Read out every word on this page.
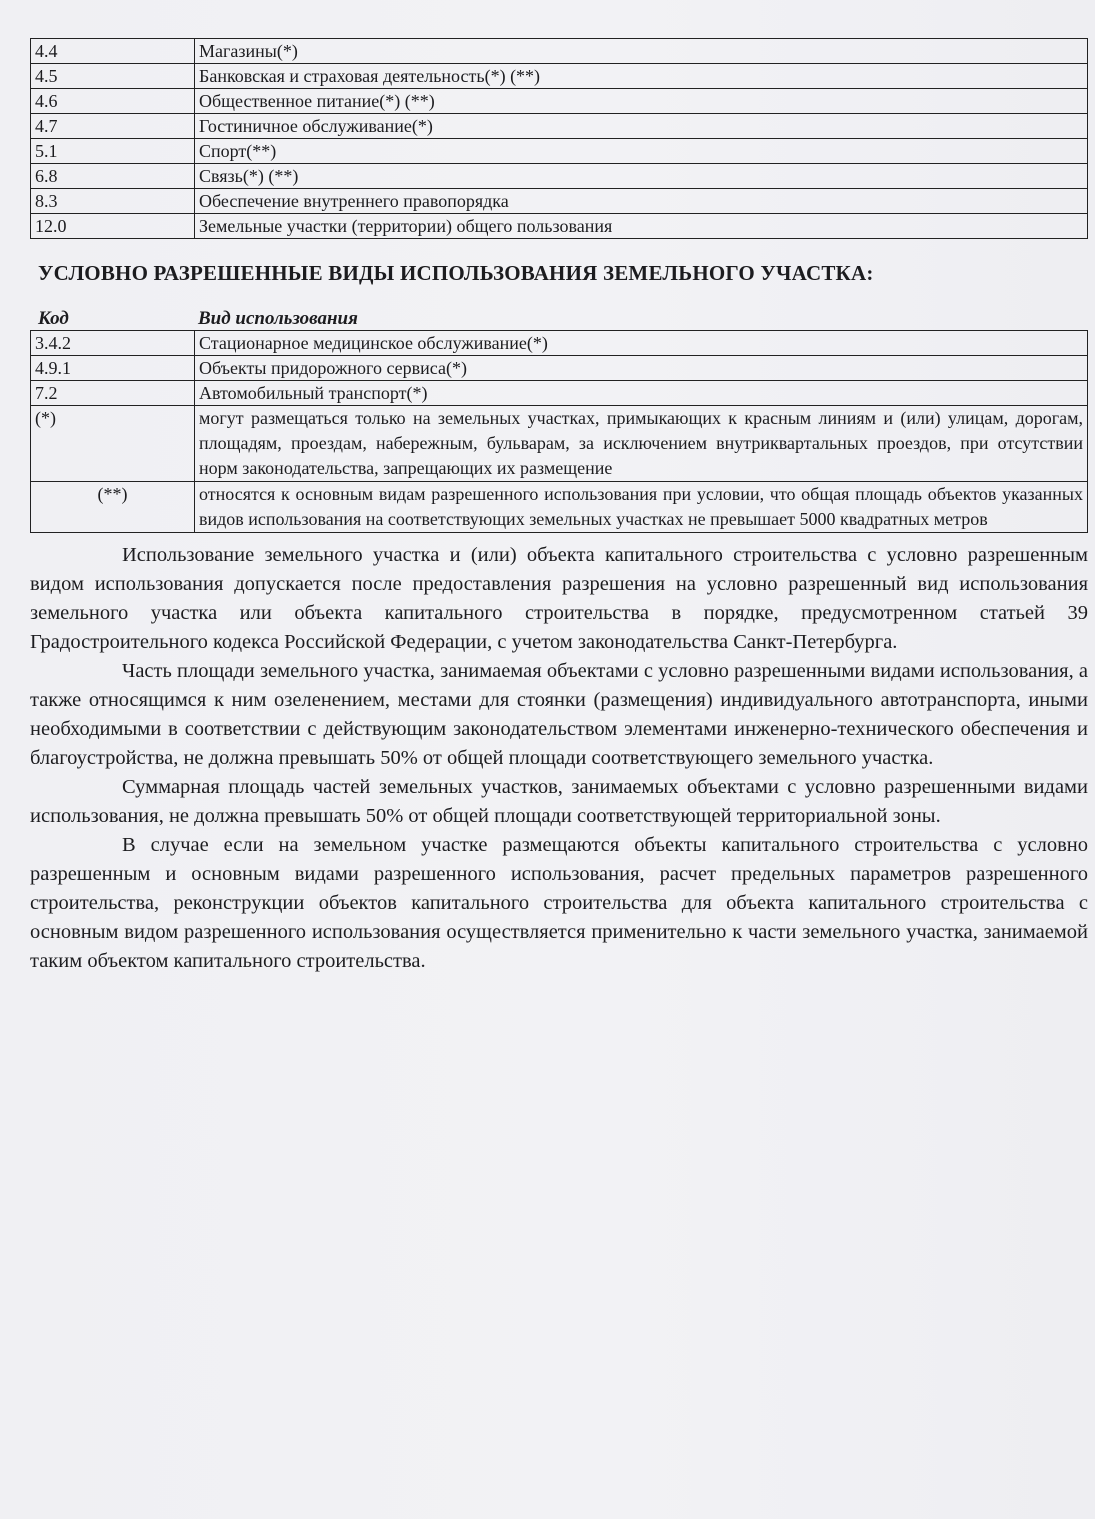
4.4	Магазины(*)
4.5	Банковская и страховая деятельность(*) (**)
4.6	Общественное питание(*) (**)
4.7	Гостиничное обслуживание(*)
5.1	Спорт(**)
6.8	Связь(*) (**)
8.3	Обеспечение внутреннего правопорядка
12.0	Земельные участки (территории) общего пользования
УСЛОВНО РАЗРЕШЕННЫЕ ВИДЫ ИСПОЛЬЗОВАНИЯ ЗЕМЕЛЬНОГО УЧАСТКА:
Код	Вид использования
3.4.2	Стационарное медицинское обслуживание(*)
4.9.1	Объекты придорожного сервиса(*)
7.2	Автомобильный транспорт(*)
(*)	могут размещаться только на земельных участках, примыкающих к красным линиям и (или) улицам, дорогам, площадям, проездам, набережным, бульварам, за исключением внутриквартальных проездов, при отсутствии норм законодательства, запрещающих их размещение
(**)	относятся к основным видам разрешенного использования при условии, что общая площадь объектов указанных видов использования на соответствующих земельных участках не превышает 5000 квадратных метров

Использование земельного участка и (или) объекта капитального строительства с условно разрешенным видом использования допускается после предоставления разрешения на условно разрешенный вид использования земельного участка или объекта капитального строительства в порядке, предусмотренном статьей 39 Градостроительного кодекса Российской Федерации, с учетом законодательства Санкт-Петербурга.

Часть площади земельного участка, занимаемая объектами с условно разрешенными видами использования, а также относящимся к ним озеленением, местами для стоянки (размещения) индивидуального автотранспорта, иными необходимыми в соответствии с действующим законодательством элементами инженерно-технического обеспечения и благоустройства, не должна превышать 50% от общей площади соответствующего земельного участка.

Суммарная площадь частей земельных участков, занимаемых объектами с условно разрешенными видами использования, не должна превышать 50% от общей площади соответствующей территориальной зоны.

В случае если на земельном участке размещаются объекты капитального строительства с условно разрешенным и основным видами разрешенного использования, расчет предельных параметров разрешенного строительства, реконструкции объектов капитального строительства для объекта капитального строительства с основным видом разрешенного использования осуществляется применительно к части земельного участка, занимаемой таким объектом капитального строительства.
